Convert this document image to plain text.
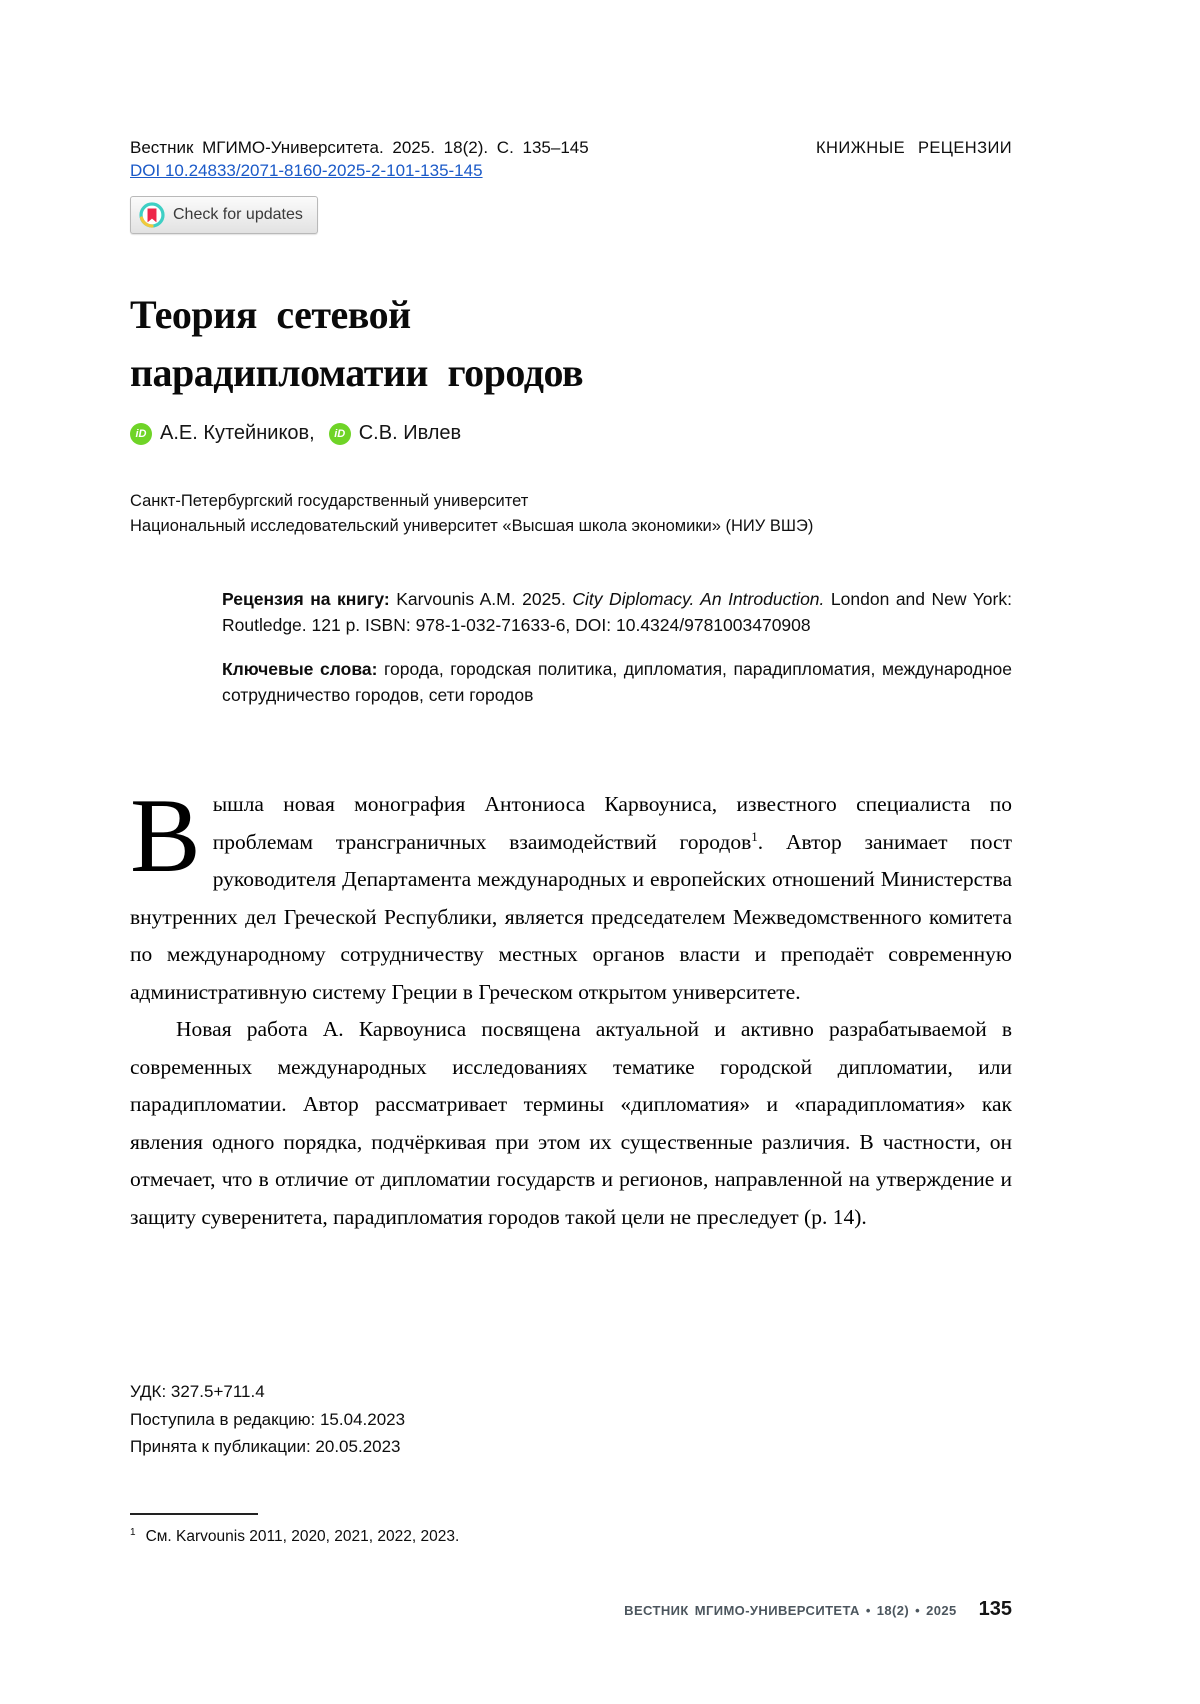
Вестник МГИМО-Университета. 2025. 18(2). С. 135–145	КНИЖНЫЕ РЕЦЕНЗИИ
DOI 10.24833/2071-8160-2025-2-101-135-145
Check for updates
Теория сетевой
парадипломатии городов
iD А.Е. Кутейников,	iD С.В. Ивлев
Санкт-Петербургский государственный университет
Национальный исследовательский университет «Высшая школа экономики» (НИУ ВШЭ)

Рецензия на книгу: Karvounis A.M. 2025. City Diplomacy. An Introduction. London and New York: Routledge. 121 p. ISBN: 978-1-032-71633-6, DOI: 10.4324/9781003470908

Ключевые слова: города, городская политика, дипломатия, парадипломатия, международное сотрудничество городов, сети городов

Вышла новая монография Антониоса Карвоуниса, известного специалиста по проблемам трансграничных взаимодействий городов$^1$. Автор занимает пост руководителя Департамента международных и европейских отношений Министерства внутренних дел Греческой Республики, является председателем Межведомственного комитета по международному сотрудничеству местных органов власти и преподаёт современную административную систему Греции в Греческом открытом университете.

Новая работа А. Карвоуниса посвящена актуальной и активно разрабатываемой в современных международных исследованиях тематике городской дипломатии, или парадипломатии. Автор рассматривает термины «дипломатия» и «парадипломатия» как явления одного порядка, подчёркивая при этом их существенные различия. В частности, он отмечает, что в отличие от дипломатии государств и регионов, направленной на утверждение и защиту суверенитета, парадипломатия городов такой цели не преследует (р. 14).

УДК: 327.5+711.4
Поступила в редакцию: 15.04.2023
Принята к публикации: 20.05.2023

$^1$ См. Karvounis 2011, 2020, 2021, 2022, 2023.

ВЕСТНИК МГИМО-УНИВЕРСИТЕТА • 18(2) • 2025 135
